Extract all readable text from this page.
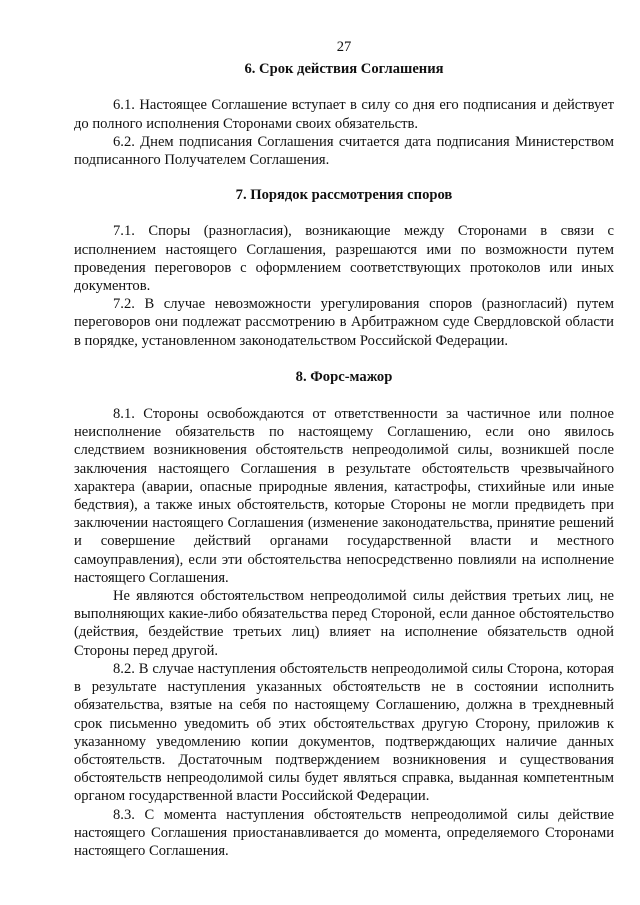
27
6. Срок действия Соглашения

6.1. Настоящее Соглашение вступает в силу со дня его подписания и действует до полного исполнения Сторонами своих обязательств.

6.2. Днем подписания Соглашения считается дата подписания Министерством подписанного Получателем Соглашения.

7. Порядок рассмотрения споров

7.1. Споры (разногласия), возникающие между Сторонами в связи с исполнением настоящего Соглашения, разрешаются ими по возможности путем проведения переговоров с оформлением соответствующих протоколов или иных документов.

7.2. В случае невозможности урегулирования споров (разногласий) путем переговоров они подлежат рассмотрению в Арбитражном суде Свердловской области в порядке, установленном законодательством Российской Федерации.

8. Форс-мажор

8.1. Стороны освобождаются от ответственности за частичное или полное неисполнение обязательств по настоящему Соглашению, если оно явилось следствием возникновения обстоятельств непреодолимой силы, возникшей после заключения настоящего Соглашения в результате обстоятельств чрезвычайного характера (аварии, опасные природные явления, катастрофы, стихийные или иные бедствия), а также иных обстоятельств, которые Стороны не могли предвидеть при заключении настоящего Соглашения (изменение законодательства, принятие решений и совершение действий органами государственной власти и местного самоуправления), если эти обстоятельства непосредственно повлияли на исполнение настоящего Соглашения.

Не являются обстоятельством непреодолимой силы действия третьих лиц, не выполняющих какие-либо обязательства перед Стороной, если данное обстоятельство (действия, бездействие третьих лиц) влияет на исполнение обязательств одной Стороны перед другой.

8.2. В случае наступления обстоятельств непреодолимой силы Сторона, которая в результате наступления указанных обстоятельств не в состоянии исполнить обязательства, взятые на себя по настоящему Соглашению, должна в трехдневный срок письменно уведомить об этих обстоятельствах другую Сторону, приложив к указанному уведомлению копии документов, подтверждающих наличие данных обстоятельств. Достаточным подтверждением возникновения и существования обстоятельств непреодолимой силы будет являться справка, выданная компетентным органом государственной власти Российской Федерации.

8.3. С момента наступления обстоятельств непреодолимой силы действие настоящего Соглашения приостанавливается до момента, определяемого Сторонами настоящего Соглашения.
